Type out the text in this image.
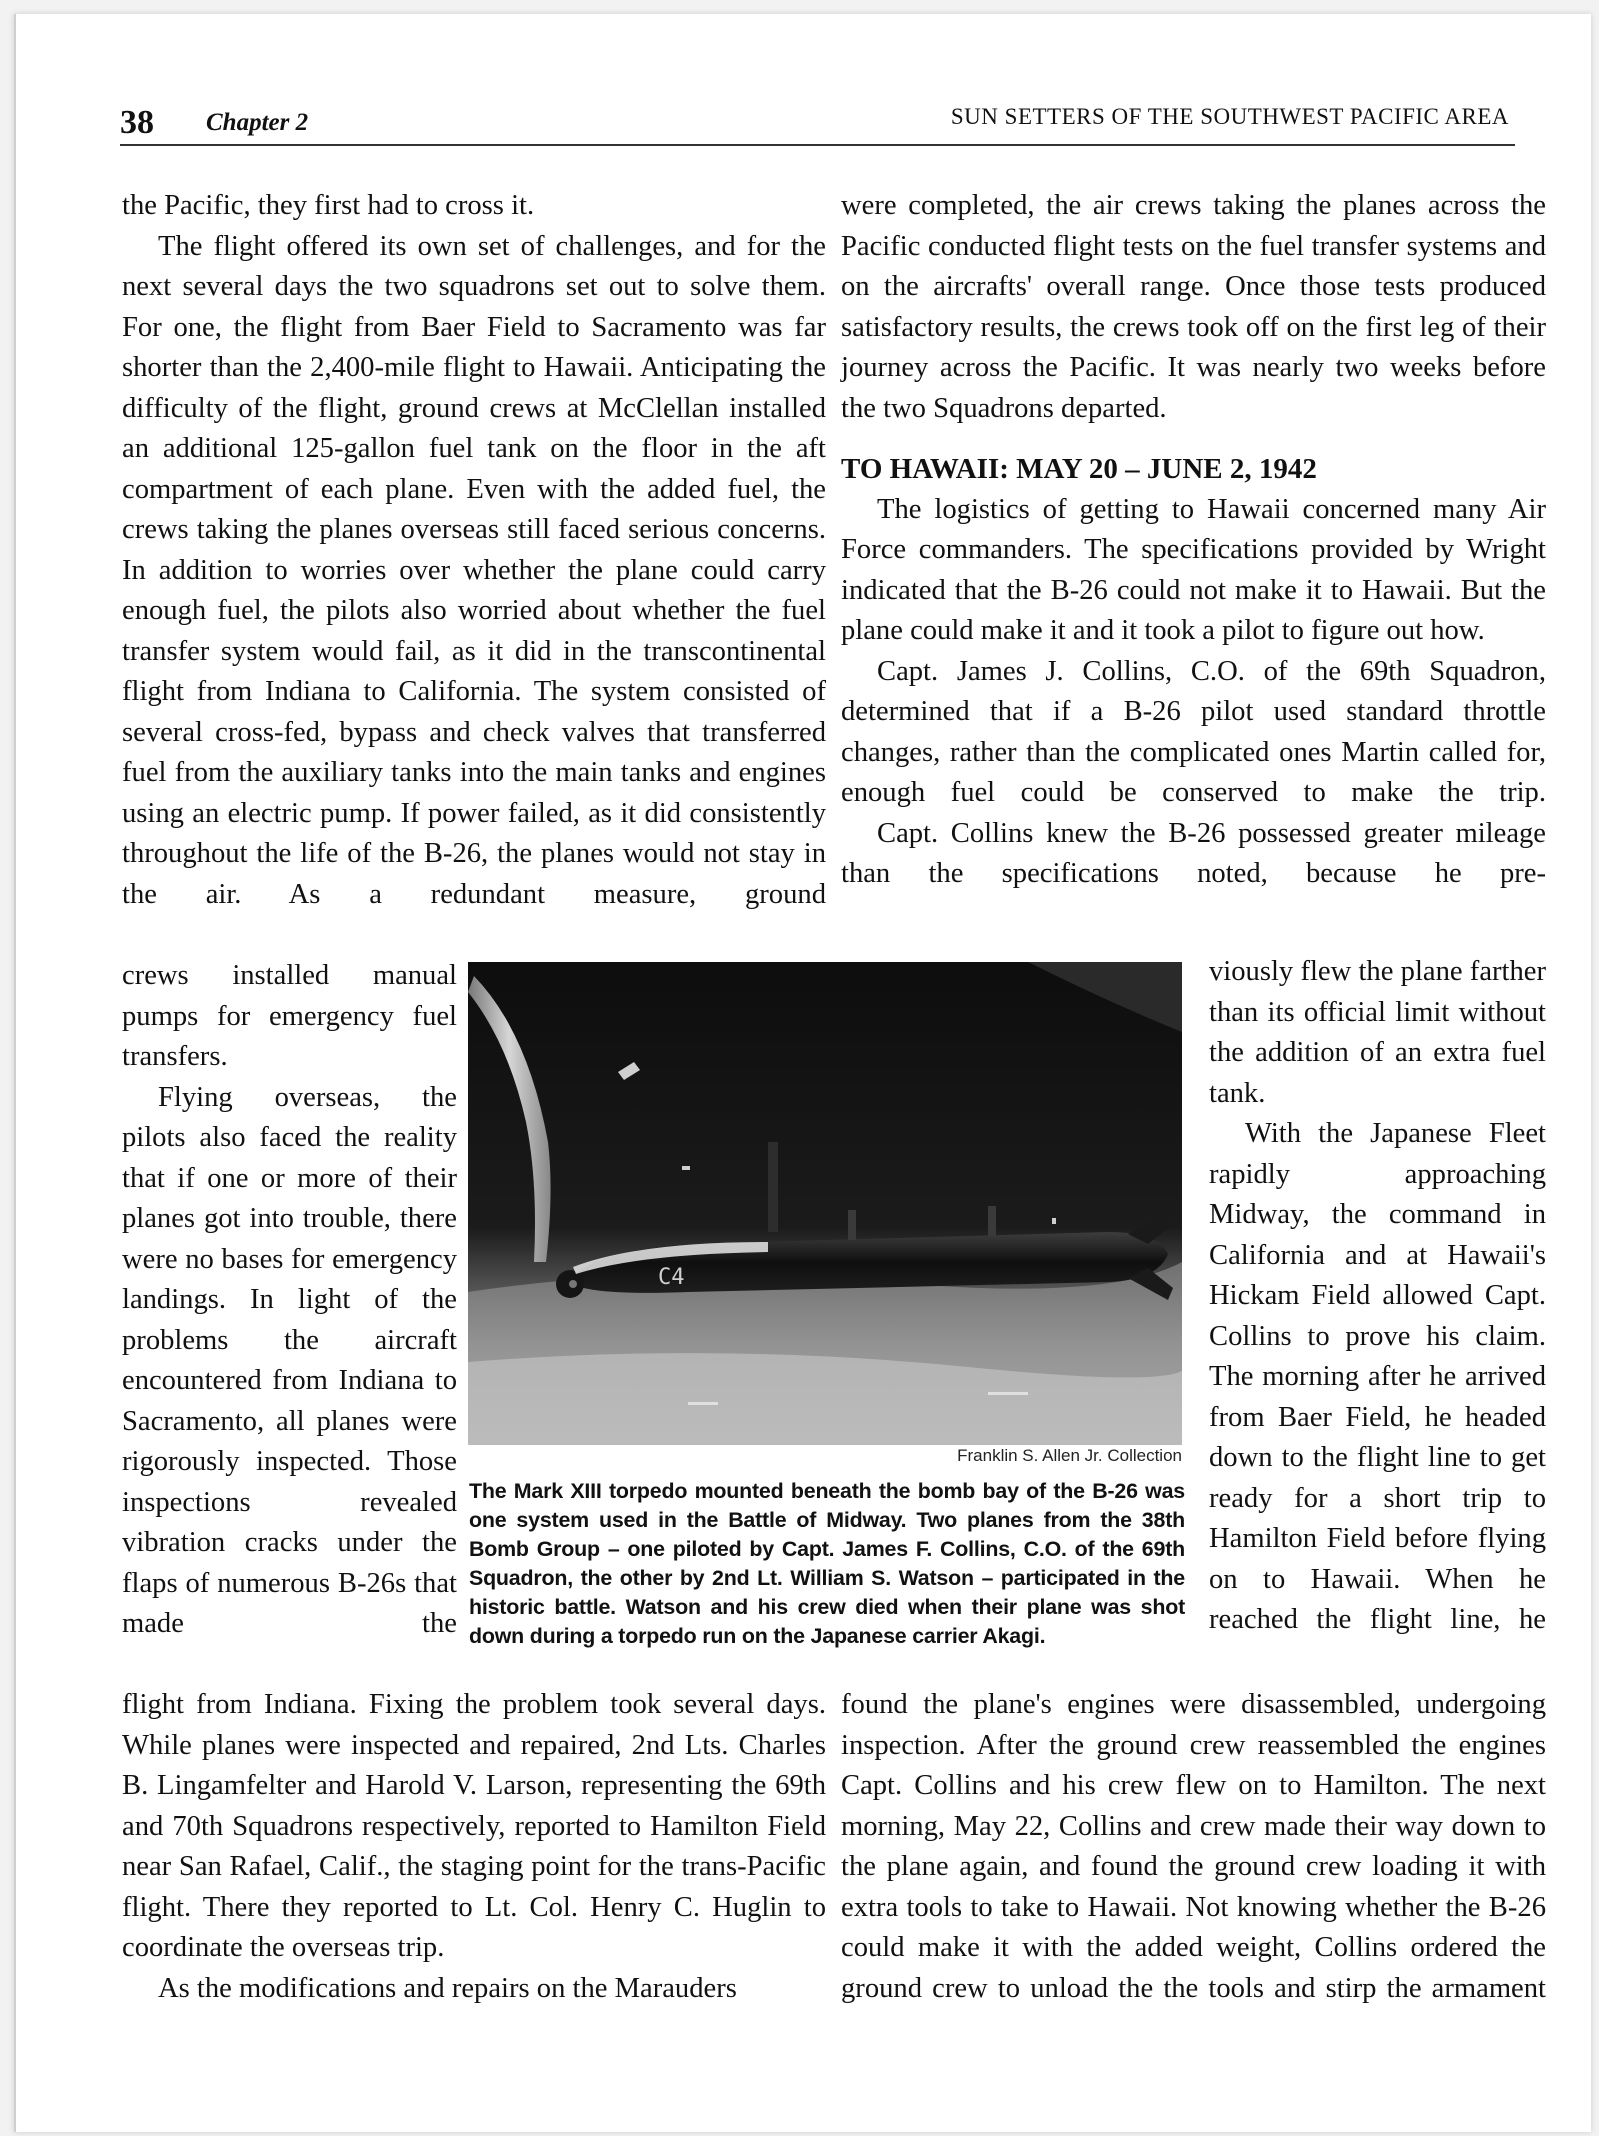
38 Chapter 2	SUN SETTERS OF THE SOUTHWEST PACIFIC AREA

the Pacific, they first had to cross it.

The flight offered its own set of challenges, and for the next several days the two squadrons set out to solve them. For one, the flight from Baer Field to Sacramento was far shorter than the 2,400-mile flight to Hawaii. Anticipating the difficulty of the flight, ground crews at McClellan installed an additional 125-gallon fuel tank on the floor in the aft compartment of each plane. Even with the added fuel, the crews taking the planes overseas still faced serious concerns. In addition to worries over whether the plane could carry enough fuel, the pilots also worried about whether the fuel transfer system would fail, as it did in the transcontinental flight from Indiana to California. The system consisted of several cross-fed, bypass and check valves that transferred fuel from the auxiliary tanks into the main tanks and engines using an electric pump. If power failed, as it did consistently throughout the life of the B-26, the planes would not stay in the air. As a redundant measure, ground

crews installed manual pumps for emergency fuel transfers.

Flying overseas, the pilots also faced the reality that if one or more of their planes got into trouble, there were no bases for emergency landings. In light of the problems the aircraft encountered from Indiana to Sacramento, all planes were rigorously inspected. Those inspections revealed vibration cracks under the flaps of numerous B-26s that made the

flight from Indiana. Fixing the problem took several days. While planes were inspected and repaired, 2nd Lts. Charles B. Lingamfelter and Harold V. Larson, representing the 69th and 70th Squadrons respectively, reported to Hamilton Field near San Rafael, Calif., the staging point for the trans-Pacific flight. There they reported to Lt. Col. Henry C. Huglin to coordinate the overseas trip.

As the modifications and repairs on the Marauders

were completed, the air crews taking the planes across the Pacific conducted flight tests on the fuel transfer systems and on the aircrafts' overall range. Once those tests produced satisfactory results, the crews took off on the first leg of their journey across the Pacific. It was nearly two weeks before the two Squadrons departed.

TO HAWAII: MAY 20 – JUNE 2, 1942

The logistics of getting to Hawaii concerned many Air Force commanders. The specifications provided by Wright indicated that the B-26 could not make it to Hawaii. But the plane could make it and it took a pilot to figure out how.

Capt. James J. Collins, C.O. of the 69th Squadron, determined that if a B-26 pilot used standard throttle changes, rather than the complicated ones Martin called for, enough fuel could be conserved to make the trip.

Capt. Collins knew the B-26 possessed greater mileage than the specifications noted, because he pre-

viously flew the plane farther than its official limit without the addition of an extra fuel tank.

With the Japanese Fleet rapidly approaching Midway, the command in California and at Hawaii's Hickam Field allowed Capt. Collins to prove his claim. The morning after he arrived from Baer Field, he headed down to the flight line to get ready for a short trip to Hamilton Field before flying on to Hawaii. When he reached the flight line, he

found the plane's engines were disassembled, undergoing inspection. After the ground crew reassembled the engines Capt. Collins and his crew flew on to Hamilton. The next morning, May 22, Collins and crew made their way down to the plane again, and found the ground crew loading it with extra tools to take to Hawaii. Not knowing whether the B-26 could make it with the added weight, Collins ordered the ground crew to unload the the tools and stirp the armament

C4
Franklin S. Allen Jr. Collection
The Mark XIII torpedo mounted beneath the bomb bay of the B-26 was one system used in the Battle of Midway. Two planes from the 38th Bomb Group – one piloted by Capt. James F. Collins, C.O. of the 69th Squadron, the other by 2nd Lt. William S. Watson – participated in the historic battle. Watson and his crew died when their plane was shot down during a torpedo run on the Japanese carrier Akagi.
